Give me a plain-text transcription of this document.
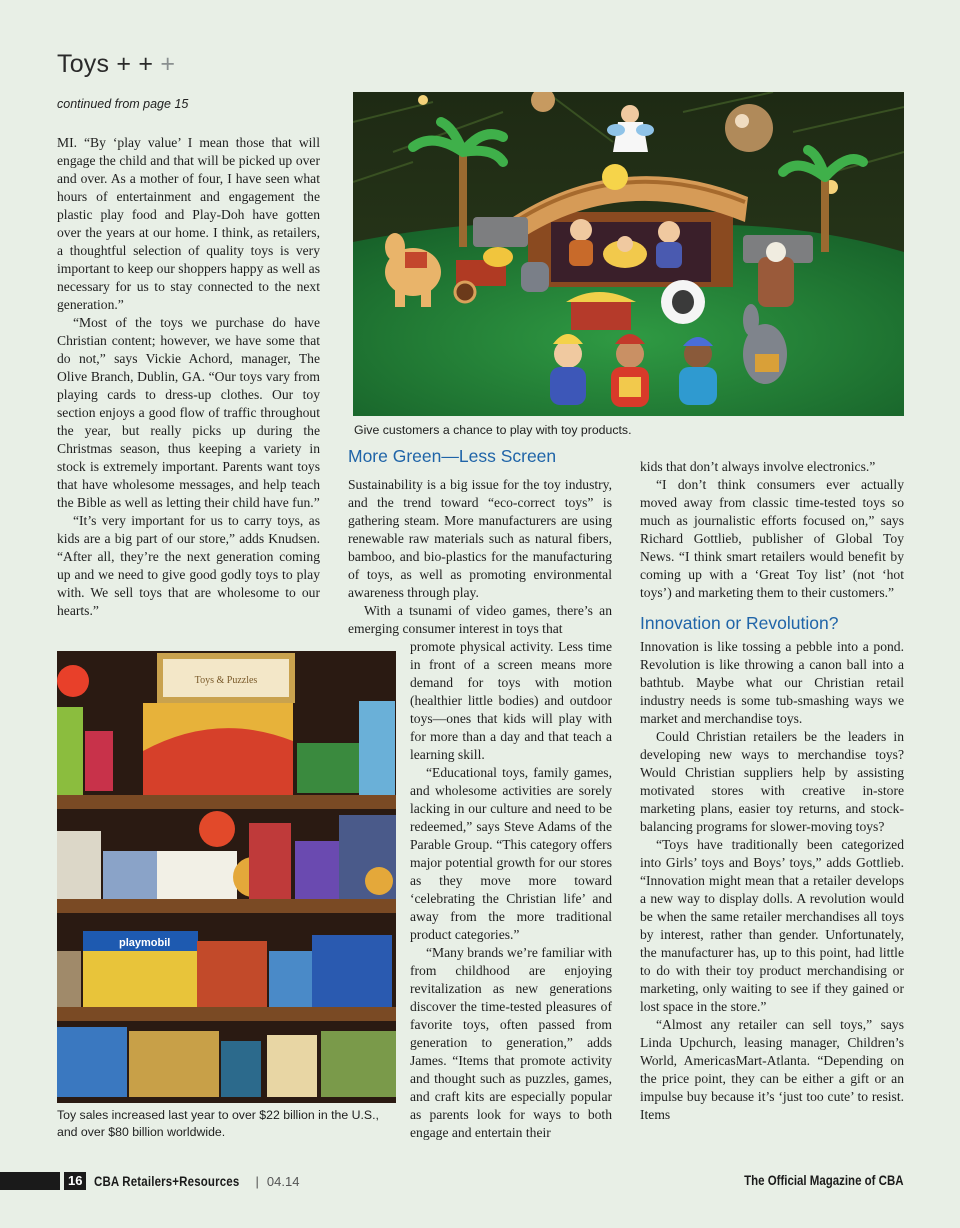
Toys + + +

continued from page 15

MI. “By ‘play value’ I mean those that will engage the child and that will be picked up over and over. As a mother of four, I have seen what hours of entertainment and engagement the plastic play food and Play-Doh have gotten over the years at our home. I think, as retailers, a thoughtful selection of quality toys is very important to keep our shoppers happy as well as necessary for us to stay connected to the next generation.”

“Most of the toys we purchase do have Christian content; however, we have some that do not,” says Vickie Achord, manager, The Olive Branch, Dublin, GA. “Our toys vary from playing cards to dress-up clothes. Our toy section enjoys a good flow of traffic throughout the year, but really picks up during the Christmas season, thus keeping a variety in stock is extremely important. Parents want toys that have wholesome messages, and help teach the Bible as well as letting their child have fun.”

“It’s very important for us to carry toys, as kids are a big part of our store,” adds Knudsen. “After all, they’re the next generation coming up and we need to give good godly toys to play with. We sell toys that are wholesome to our hearts.”

Give customers a chance to play with toy products.

More Green—Less Screen

Sustainability is a big issue for the toy industry, and the trend toward “eco-correct toys” is gathering steam. More manufacturers are using renewable raw materials such as natural fibers, bamboo, and bio-plastics for the manufacturing of toys, as well as promoting environmental awareness through play.

With a tsunami of video games, there’s an emerging consumer interest in toys that

promote physical activity. Less time in front of a screen means more demand for toys with motion (healthier little bodies) and outdoor toys—ones that kids will play with for more than a day and that teach a learning skill.

“Educational toys, family games, and wholesome activities are sorely lacking in our culture and need to be redeemed,” says Steve Adams of the Parable Group. “This category offers major potential growth for our stores as they move more toward ‘celebrating the Christian life’ and away from the more traditional product categories.”

“Many brands we’re familiar with from childhood are enjoying revitalization as new generations discover the time-tested pleasures of favorite toys, often passed from generation to generation,” adds James. “Items that promote activity and thought such as puzzles, games, and craft kits are especially popular as parents look for ways to both engage and entertain their

Toys & Puzzles
playmobil

Toy sales increased last year to over $22 billion in the U.S., and over $80 billion worldwide.

kids that don’t always involve electronics.”

“I don’t think consumers ever actually moved away from classic time-tested toys so much as journalistic efforts focused on,” says Richard Gottlieb, publisher of Global Toy News. “I think smart retailers would benefit by coming up with a ‘Great Toy list’ (not ‘hot toys’) and marketing them to their customers.”

Innovation or Revolution?

Innovation is like tossing a pebble into a pond. Revolution is like throwing a canon ball into a bathtub. Maybe what our Christian retail industry needs is some tub-smashing ways we market and merchandise toys.

Could Christian retailers be the leaders in developing new ways to merchandise toys? Would Christian suppliers help by assisting motivated stores with creative in-store marketing plans, easier toy returns, and stock-balancing programs for slower-moving toys?

“Toys have traditionally been categorized into Girls’ toys and Boys’ toys,” adds Gottlieb. “Innovation might mean that a retailer develops a new way to display dolls. A revolution would be when the same retailer merchandises all toys by interest, rather than gender. Unfortunately, the manufacturer has, up to this point, had little to do with their toy product merchandising or marketing, only waiting to see if they gained or lost space in the store.”

“Almost any retailer can sell toys,” says Linda Upchurch, leasing manager, Children’s World, AmericasMart-Atlanta. “Depending on the price point, they can be either a gift or an impulse buy because it’s ‘just too cute’ to resist. Items

16 CBA Retailers+Resources | 04.14	The Official Magazine of CBA
